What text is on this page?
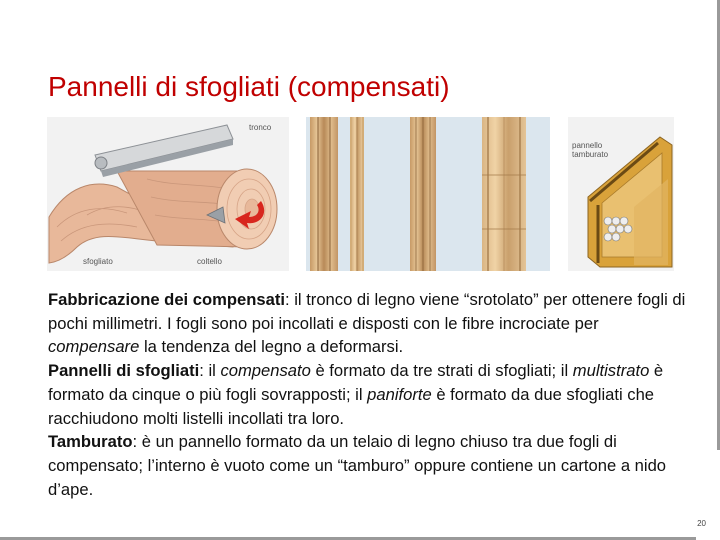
Pannelli di sfogliati (compensati)
tronco
sfogliato	coltello
pannello
tamburato

Fabbricazione dei compensati: il tronco di legno viene “srotolato” per ottenere fogli di pochi millimetri. I fogli sono poi incollati e disposti con le fibre incrociate per compensare la tendenza del legno a deformarsi.

Pannelli di sfogliati: il compensato è formato da tre strati di sfogliati; il multistrato è formato da cinque o più fogli sovrapposti; il paniforte è formato da due sfogliati che racchiudono molti listelli incollati tra loro.

Tamburato: è un pannello formato da un telaio di legno chiuso tra due fogli di compensato; l’interno è vuoto come un “tamburo” oppure contiene un cartone a nido d’ape.

20
